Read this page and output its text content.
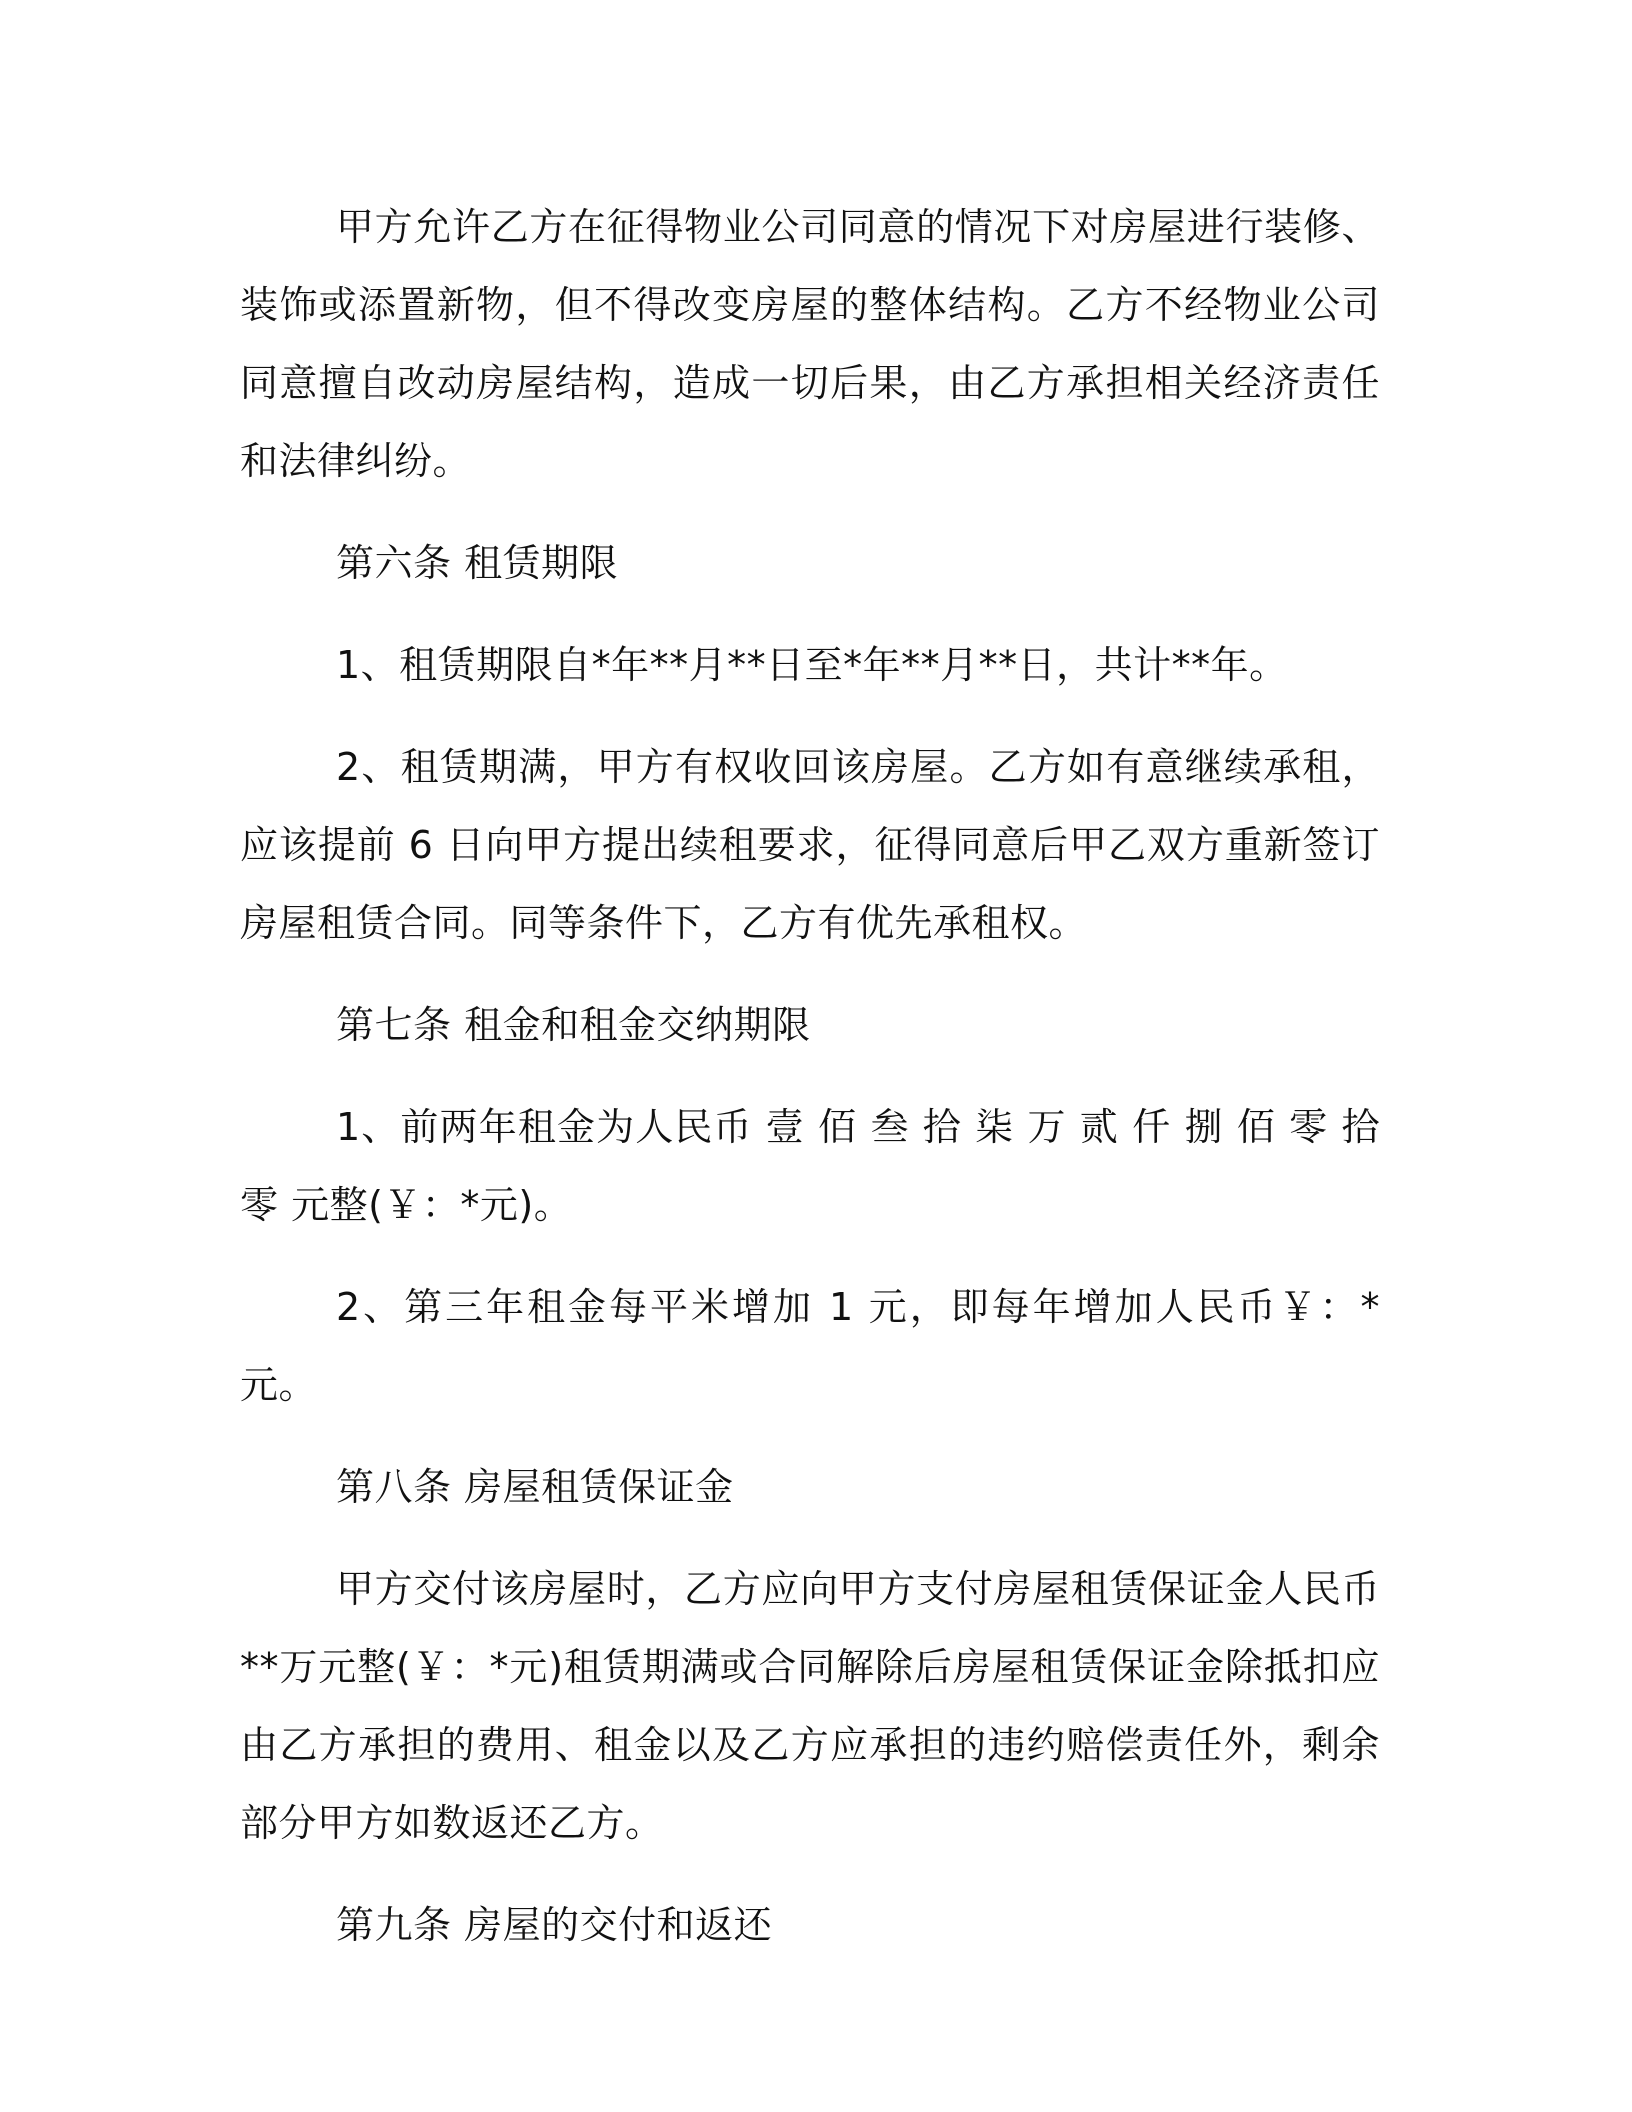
甲方允许乙方在征得物业公司同意的情况下对房屋进行装修、装饰或添置新物，但不得改变房屋的整体结构。乙方不经物业公司同意擅自改动房屋结构，造成一切后果，由乙方承担相关经济责任和法律纠纷。

第六条 租赁期限

1、租赁期限自*年**月**日至*年**月**日，共计**年。

2、租赁期满，甲方有权收回该房屋。乙方如有意继续承租，应该提前 6 日向甲方提出续租要求，征得同意后甲乙双方重新签订房屋租赁合同。同等条件下，乙方有优先承租权。

第七条 租金和租金交纳期限

1、前两年租金为人民币 壹 佰 叁 拾 柒 万 贰 仟 捌 佰 零 拾 零 元整(￥：*元)。

2、第三年租金每平米增加 1 元，即每年增加人民币￥：*元。

第八条 房屋租赁保证金

甲方交付该房屋时，乙方应向甲方支付房屋租赁保证金人民币**万元整(￥：*元)租赁期满或合同解除后房屋租赁保证金除抵扣应由乙方承担的费用、租金以及乙方应承担的违约赔偿责任外，剩余部分甲方如数返还乙方。

第九条 房屋的交付和返还
